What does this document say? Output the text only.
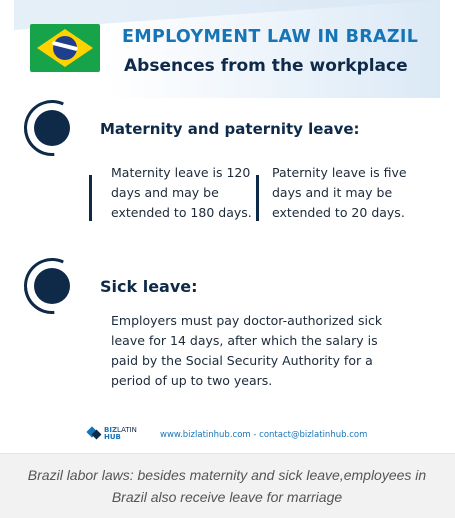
EMPLOYMENT LAW IN BRAZIL
Absences from the workplace
Maternity and paternity leave:
Maternity leave is 120 days and may be extended to 180 days.
Paternity leave is five days and it may be extended to 20 days.
Sick leave:
Employers must pay doctor-authorized sick leave for 14 days, after which the salary is paid by the Social Security Authority for a period of up to two years.
BIZLATIN
HUB	www.bizlatinhub.com - contact@bizlatinhub.com
Brazil labor laws: besides maternity and sick leave,employees in Brazil also receive leave for marriage
